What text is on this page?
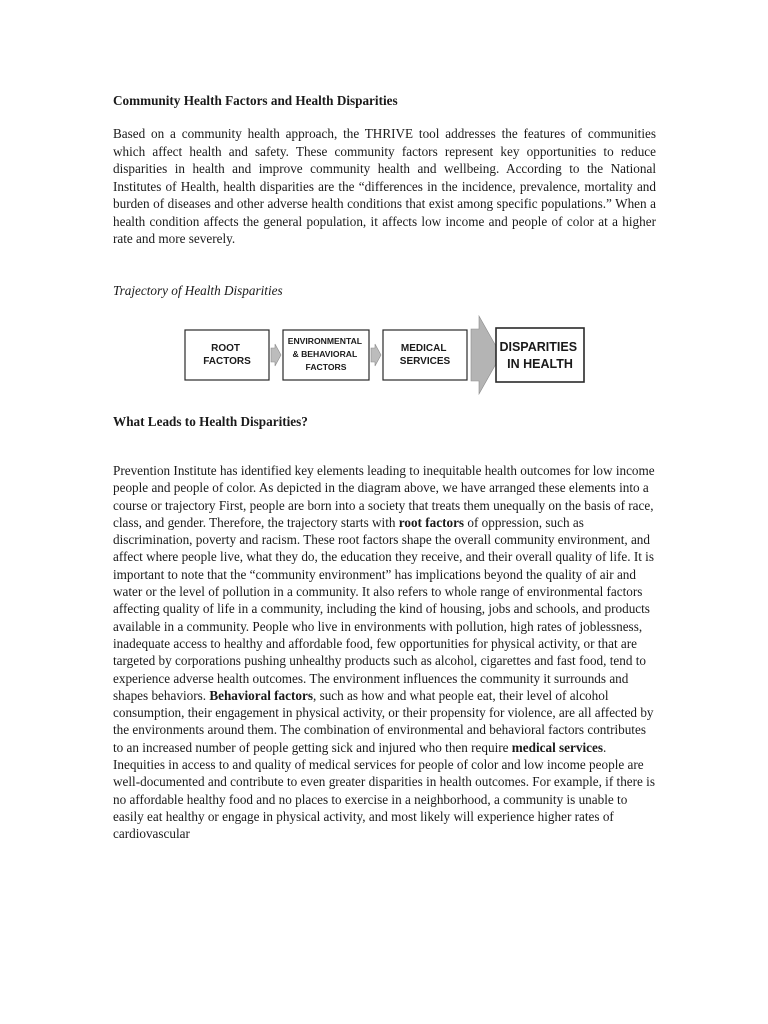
Community Health Factors and Health Disparities

Based on a community health approach, the THRIVE tool addresses the features of communities which affect health and safety. These community factors represent key opportunities to reduce disparities in health and improve community health and wellbeing. According to the National Institutes of Health, health disparities are the “differences in the incidence, prevalence, mortality and burden of diseases and other adverse health conditions that exist among specific populations.” When a health condition affects the general population, it affects low income and people of color at a higher rate and more severely.

Trajectory of Health Disparities

ROOT FACTORS
ENVIRONMENTAL & BEHAVIORAL FACTORS
MEDICAL SERVICES
DISPARITIES IN HEALTH

What Leads to Health Disparities?

Prevention Institute has identified key elements leading to inequitable health outcomes for low income people and people of color. As depicted in the diagram above, we have arranged these elements into a course or trajectory First, people are born into a society that treats them unequally on the basis of race, class, and gender. Therefore, the trajectory starts with root factors of oppression, such as discrimination, poverty and racism. These root factors shape the overall community environment, and affect where people live, what they do, the education they receive, and their overall quality of life. It is important to note that the “community environment” has implications beyond the quality of air and water or the level of pollution in a community. It also refers to whole range of environmental factors affecting quality of life in a community, including the kind of housing, jobs and schools, and products available in a community. People who live in environments with pollution, high rates of joblessness, inadequate access to healthy and affordable food, few opportunities for physical activity, or that are targeted by corporations pushing unhealthy products such as alcohol, cigarettes and fast food, tend to experience adverse health outcomes. The environment influences the community it surrounds and shapes behaviors. Behavioral factors, such as how and what people eat, their level of alcohol consumption, their engagement in physical activity, or their propensity for violence, are all affected by the environments around them. The combination of environmental and behavioral factors contributes to an increased number of people getting sick and injured who then require medical services. Inequities in access to and quality of medical services for people of color and low income people are well-documented and contribute to even greater disparities in health outcomes. For example, if there is no affordable healthy food and no places to exercise in a neighborhood, a community is unable to easily eat healthy or engage in physical activity, and most likely will experience higher rates of cardiovascular
